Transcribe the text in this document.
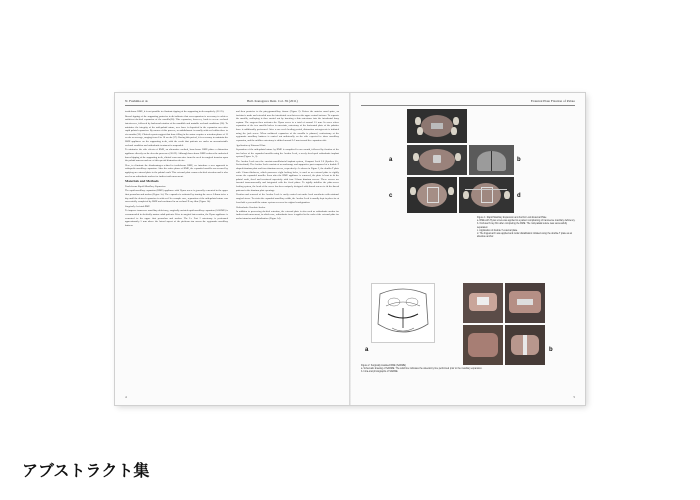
N. Fushima et al.	Bull. Kanagawa Dent. Col. 39 (2011)

tooth-borne RME, it is not possible to eliminate tipping of the supporting teeth completely (22-25).

Buccal tipping of the supporting posterior teeth indicates that overexpansion is necessary to achieve sufficient skeletal expansion of the maxilla(26). This expansion, however, leads to severe occlusal interference, followed by backward rotation of the mandible and unstable occlusal conditions (26). To minimize the integrity of the mid-palatal suture, new bone is deposited in the expansion area after rapid palatal expansion. By means of this process, reestablishment is usually achieved within three to six months (26). Clinical reports suggest that bone filling in the suture requires a retention phase of 12 weeks on average, ranging from 6 to 16 weeks (27). During this period, it is necessary to maintain the RME appliance on the supporting teeth, with the result that patients are under an uncomfortable occlusal condition and orthodontic treatment is suspended.

To minimize the side effects of RME, an alternative method, bone-borne RME plates a distraction appliance directly on the alveolar processes (26-29). Although bone-borne RME reduces the undesired buccal tipping of the supporting teeth, clinical concerns arise from the need for surgical invasion upon the palatal mucosa and use of this special distraction device.

Here, to eliminate the disadvantages related to tooth-borne RME, we introduce a new approach to orthopedic maxillary expansion. After the active phase of RME, the expanded maxilla was secured by applying an external plate to the palatal vault. This external plate ensures skeletal retention and is also used as an orthodontic anchor for further tooth movement.

Materials and Methods
Tooth-borne Rapid Maxillary Expansion

The rapid maxillary expansion (RME) appliance with Hyrax screw is generally cemented to the upper first premolars and molars (Figure 1a). The expander is activated by turning the screw 0.8mm twice a day until the desired expansion is achieved. In a sample case, separation of the mid-palatal suture was successfully completed by RME and confirmed in an occlusal X-ray film (Figure 1b).

Surgically Assisted RME

To improve transverse maxillary deficiency, surgically assisted rapid maxillary expansion (SARME) is recommended in skeletally mature adult patients. Prior to surgical intervention, the Hyrax appliance is cemented to the upper first premolars and molars. The Le Fort I osteotomy is performed approximately 5 mm above the lateral aspect of the piriform rim across the zygomatic maxillary buttress

and then posterior to the pterygomaxillary fissure (Figure 2). Before the anterior nasal spine, an incision is made and extended near the interdental crest between the upper central incisors. To separate the maxilla, scalloping is then carried out by inserting a thin osteotome into the interdental bony septum. The surgeon then activates the Hyrax screw to a total of around 1.5 mm. In cases where separation of the two maxilla halves is uncertain, osteotomy of the horizontal plate of the palatine bone is additionally performed. After a one-week healing period, distraction osteogenesis is initiated using the jack screw. When unilateral expansion of the maxilla is planned, corticotomy at the zygomatic maxillary buttress is carried out unilaterally on the side expected to show maxillary expansion, and the midline osteotomy is shifted around 2-3 mm toward the expansion side.

Application of External Plate

Separation of the mid-palatal suture by RME is completed in one month, followed by fixation of the two halves of the expanded maxilla using the Anchor Lock, a newly developed orthodontic implant system (Figure 1c, 3).

The Anchor Lock uses the cruciate-maxillofacial implant system, Compact Lock 2.0 (Synthes Co., Switzerland). The Anchor Lock consists of an anchorage and supportive part composed of a double-T shaped titanium plate and four titanium screws, respectively. As shown in Figure 3, the double-T plate with 1.5mm thickness, which possesses eight locking holes, is used as an external plate to rigidly secure the expanded maxilla. Soon after the RME appliance is removed, the plate is bent to fit the palatal vault, fixed and tensioned superiorly with four 2.0mm titanium screws. These screws are inserted trans-mucosally and integrated with the fixed plates. To rigidly stabilize the plate-screw locking system, the head of the screw has been uniquely designed with thread screws to fit the thread patterns in the titanium plate openings.

Fixation and removal of the Anchor Lock is easily carried out under local anesthesia with minimal surgical stress. To retain the expanded maxillary width, the Anchor Lock is usually kept in place for at least half a year until the suture system recovers its original configuration.

Orthodontic Absolute Anchor

In addition to preserving skeletal retention, the external plate is also used as orthodontic anchor for further tooth movement, in which case, orthodontic force is applied to the ends of the external plate for molar intrusion and distalization (Figure 1d).

4
External Plate Fixation of Palate
a	b
c	d
Figure 1: Rapid Maxillary Expansion and Anchor Lock External Plate
a. RME with Hyrax screw was applied to a patient complaining of transverse maxillary deficiency.
b. Occlusal X-ray film after completing the RME. The mid-palatal suture was successfully separated.
c. Application of double-T external plate.
d. The lingual arch was applied and molar distalization initiated using the double-T plate as an absolute anchor.
a	b
Figure 2: Surgically Assisted RME (SARME)
a. Schematic drawing of SARME. The solid line indicates the osteotomy line performed prior to the maxillary expansion.
b. Intra-oral photographs of SARME.
5
アブストラクト集
